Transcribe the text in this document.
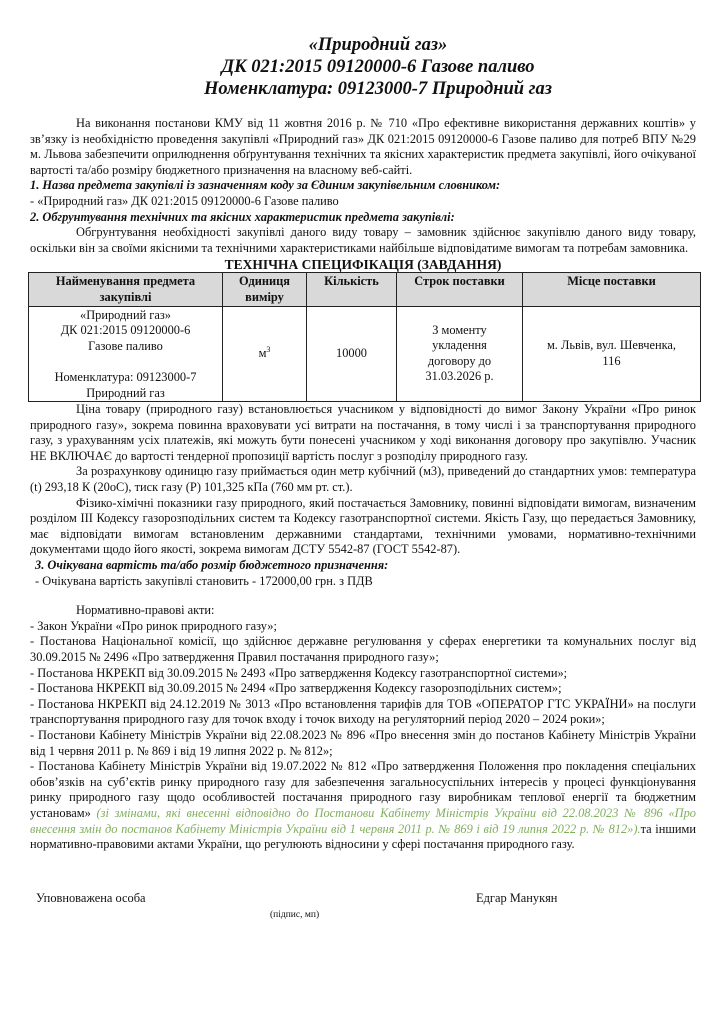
«Природний газ»
ДК 021:2015 09120000-6 Газове паливо
Номенклатура: 09123000-7 Природний газ

На виконання постанови КМУ від 11 жовтня 2016 р. № 710 «Про ефективне використання державних коштів» у зв’язку із необхідністю проведення закупівлі «Природний газ» ДК 021:2015 09120000-6 Газове паливо для потреб ВПУ №29 м. Львова забезпечити оприлюднення обґрунтування технічних та якісних характеристик предмета закупівлі, його очікуваної вартості та/або розміру бюджетного призначення на власному веб-сайті.

1. Назва предмета закупівлі із зазначенням коду за Єдиним закупівельним словником:

- «Природний газ» ДК 021:2015 09120000-6 Газове паливо

2. Обгрунтування технічних та якісних характеристик предмета закупівлі:

Обгрунтування необхідності закупівлі даного виду товару – замовник здійснює закупівлю даного виду товару, оскільки він за своїми якісними та технічними характеристиками найбільше відповідатиме вимогам та потребам замовника.

ТЕХНІЧНА СПЕЦИФІКАЦІЯ (ЗАВДАННЯ)
Найменування предмета закупівлі	Одиниця виміру	Кількість	Строк поставки	Місце поставки

«Природний газ»
ДК 021:2015 09120000-6
Газове паливо
Номенклатура: 09123000-7
Природний газ	$м^3$	10000	З моменту укладення договору до 31.03.2026 р.	м. Львів, вул. Шевченка, 116

Ціна товару (природного газу) встановлюється учасником у відповідності до вимог Закону України «Про ринок природного газу», зокрема повинна враховувати усі витрати на постачання, в тому числі і за транспортування природного газу, з урахуванням усіх платежів, які можуть бути понесені учасником у ході виконання договору про закупівлю. Учасник НЕ ВКЛЮЧАЄ до вартості тендерної пропозиції вартість послуг з розподілу природного газу.

За розрахункову одиницю газу приймається один метр кубічний (м3), приведений до стандартних умов: температура (t) 293,18 К (20оС), тиск газу (Р) 101,325 кПа (760 мм рт. ст.).

Фізико-хімічні показники газу природного, який постачається Замовнику, повинні відповідати вимогам, визначеним розділом III Кодексу газорозподільних систем та Кодексу газотранспортної системи. Якість Газу, що передається Замовнику, має відповідати вимогам встановленим державними стандартами, технічними умовами, нормативно-технічними документами щодо його якості, зокрема вимогам ДСТУ 5542-87 (ГОСТ 5542-87).

3. Очікувана вартість та/або розмір бюджетного призначення:

- Очікувана вартість закупівлі становить - 172000,00 грн. з ПДВ

Нормативно-правові акти:

- Закон України «Про ринок природного газу»;

- Постанова Національної комісії, що здійснює державне регулювання у сферах енергетики та комунальних послуг від 30.09.2015 № 2496 «Про затвердження Правил постачання природного газу»;

- Постанова НКРЕКП від 30.09.2015 № 2493 «Про затвердження Кодексу газотранспортної системи»;

- Постанова НКРЕКП від 30.09.2015 № 2494 «Про затвердження Кодексу газорозподільних систем»;

- Постанова НКРЕКП від 24.12.2019 № 3013 «Про встановлення тарифів для ТОВ «ОПЕРАТОР ГТС УКРАЇНИ» на послуги транспортування природного газу для точок входу і точок виходу на регуляторний період 2020 – 2024 роки»;

- Постанови Кабінету Міністрів України від 22.08.2023 № 896 «Про внесення змін до постанов Кабінету Міністрів України від 1 червня 2011 р. № 869 і від 19 липня 2022 р. № 812»;

- Постанова Кабінету Міністрів України від 19.07.2022 № 812 «Про затвердження Положення про покладення спеціальних обов’язків на суб’єктів ринку природного газу для забезпечення загальносуспільних інтересів у процесі функціонування ринку природного газу щодо особливостей постачання природного газу виробникам теплової енергії та бюджетним установам» (зі змінами, які внесенні відповідно до Постанови Кабінету Міністрів України від 22.08.2023 № 896 «Про внесення змін до постанов Кабінету Міністрів України від 1 червня 2011 р. № 869 і від 19 липня 2022 р. № 812»).та іншими нормативно-правовими актами України, що регулюють відносини у сфері постачання природного газу.

Уповноважена особа
(підпис, мп)
Едгар Манукян
